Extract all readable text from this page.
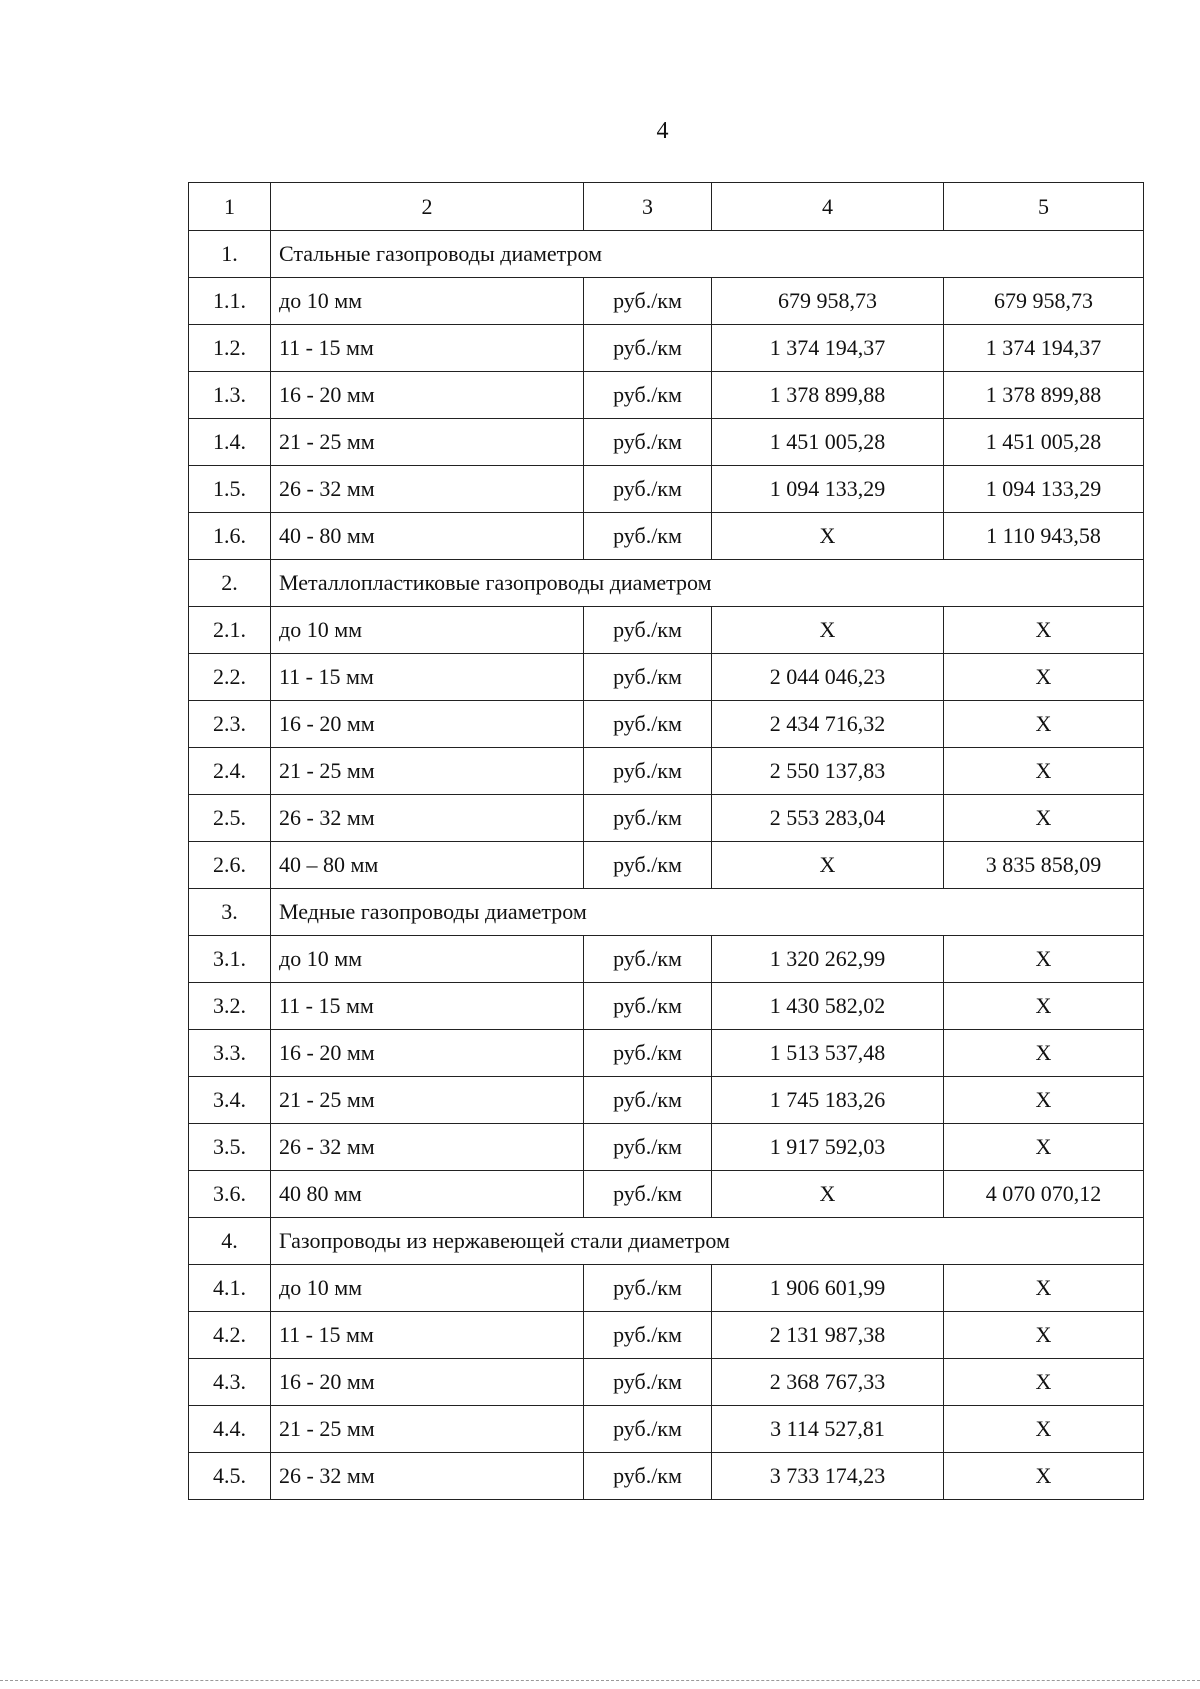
4
1	2	3	4	5
1.	Стальные газопроводы диаметром			
1.1.	до 10 мм	руб./км	679 958,73	679 958,73
1.2.	11 - 15 мм	руб./км	1 374 194,37	1 374 194,37
1.3.	16 - 20 мм	руб./км	1 378 899,88	1 378 899,88
1.4.	21 - 25 мм	руб./км	1 451 005,28	1 451 005,28
1.5.	26 - 32 мм	руб./км	1 094 133,29	1 094 133,29
1.6.	40 - 80 мм	руб./км	X	1 110 943,58
2.	Металлопластиковые газопроводы диаметром			
2.1.	до 10 мм	руб./км	X	X
2.2.	11 - 15 мм	руб./км	2 044 046,23	X
2.3.	16 - 20 мм	руб./км	2 434 716,32	X
2.4.	21 - 25 мм	руб./км	2 550 137,83	X
2.5.	26 - 32 мм	руб./км	2 553 283,04	X
2.6.	40 – 80 мм	руб./км	X	3 835 858,09
3.	Медные газопроводы диаметром			
3.1.	до 10 мм	руб./км	1 320 262,99	X
3.2.	11 - 15 мм	руб./км	1 430 582,02	X
3.3.	16 - 20 мм	руб./км	1 513 537,48	X
3.4.	21 - 25 мм	руб./км	1 745 183,26	X
3.5.	26 - 32 мм	руб./км	1 917 592,03	X
3.6.	40 80 мм	руб./км	X	4 070 070,12
4.	Газопроводы из нержавеющей стали диаметром			
4.1.	до 10 мм	руб./км	1 906 601,99	X
4.2.	11 - 15 мм	руб./км	2 131 987,38	X
4.3.	16 - 20 мм	руб./км	2 368 767,33	X
4.4.	21 - 25 мм	руб./км	3 114 527,81	X
4.5.	26 - 32 мм	руб./км	3 733 174,23	X
